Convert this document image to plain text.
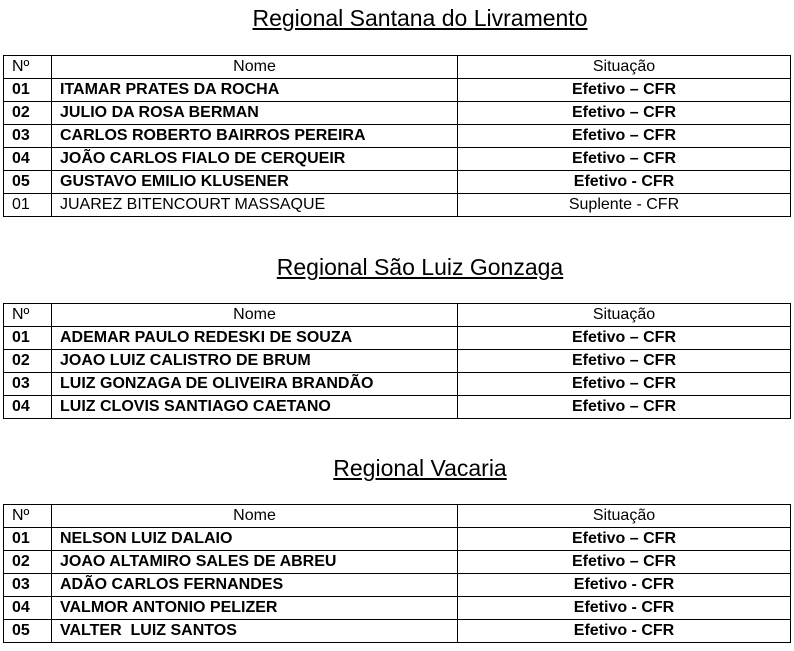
Regional Santana do Livramento
Nº	Nome	Situação
01	ITAMAR PRATES DA ROCHA	Efetivo – CFR
02	JULIO DA ROSA BERMAN	Efetivo – CFR
03	CARLOS ROBERTO BAIRROS PEREIRA	Efetivo – CFR
04	JOÃO CARLOS FIALO DE CERQUEIR	Efetivo – CFR
05	GUSTAVO EMILIO KLUSENER	Efetivo - CFR
01	JUAREZ BITENCOURT MASSAQUE	Suplente - CFR
Regional São Luiz Gonzaga
Nº	Nome	Situação
01	ADEMAR PAULO REDESKI DE SOUZA	Efetivo – CFR
02	JOAO LUIZ CALISTRO DE BRUM	Efetivo – CFR
03	LUIZ GONZAGA DE OLIVEIRA BRANDÃO	Efetivo – CFR
04	LUIZ CLOVIS SANTIAGO CAETANO	Efetivo – CFR
Regional Vacaria
Nº	Nome	Situação
01	NELSON LUIZ DALAIO	Efetivo – CFR
02	JOAO ALTAMIRO SALES DE ABREU	Efetivo – CFR
03	ADÃO CARLOS FERNANDES	Efetivo - CFR
04	VALMOR ANTONIO PELIZER	Efetivo - CFR
05	VALTER  LUIZ SANTOS	Efetivo - CFR
